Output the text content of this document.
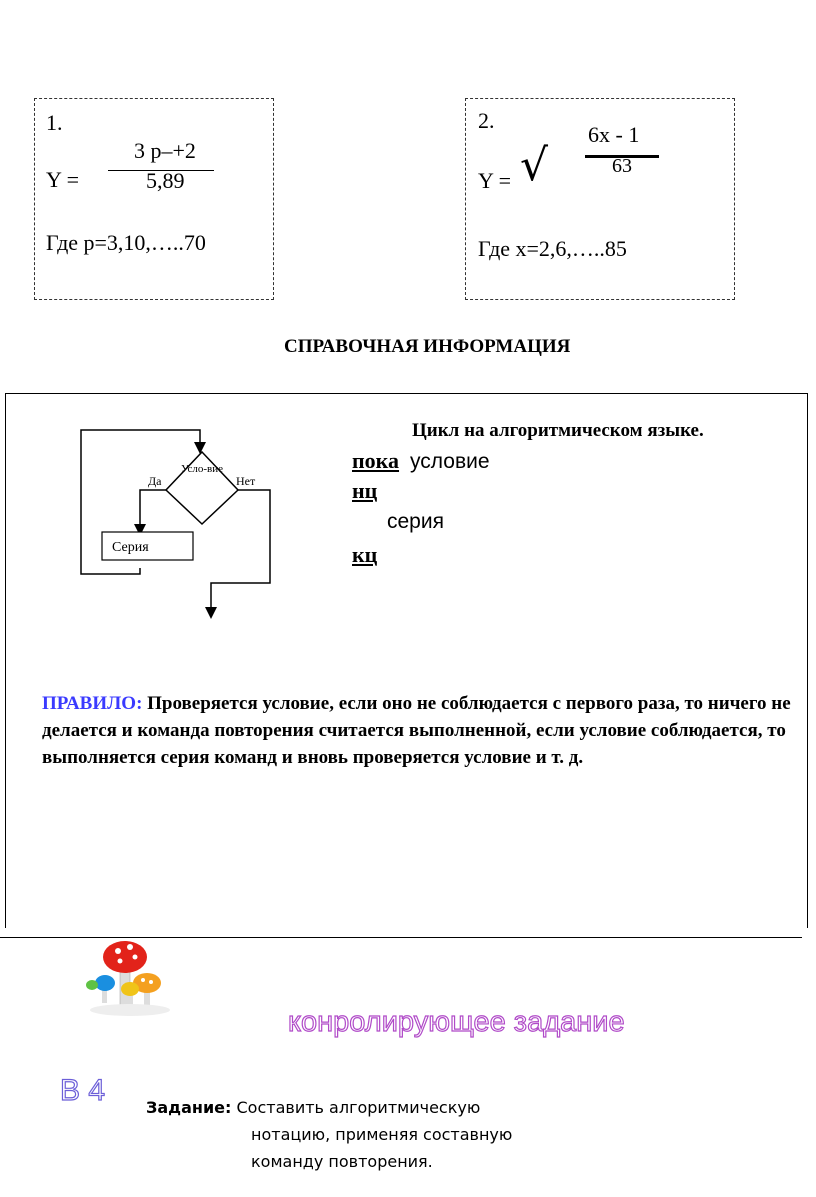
1.
3 р–+2
Y =	5,89
Где р=3,10,…..70
2.
Y = √
6x - 1
63
Где x=2,6,…..85
СПРАВОЧНАЯ ИНФОРМАЦИЯ
Усло-вие
Да	Нет
Серия
Цикл на алгоритмическом языке.
пока условие
нц
серия
кц
ПРАВИЛО: Проверяется условие, если оно не соблюдается с первого раза, то ничего не делается и команда повторения считается выполненной, если условие соблюдается, то выполняется серия команд и вновь проверяется условие и т. д.
конролирующее задание
В 4
Задание: Составить алгоритмическую
нотацию, применяя составную
команду повторения.
